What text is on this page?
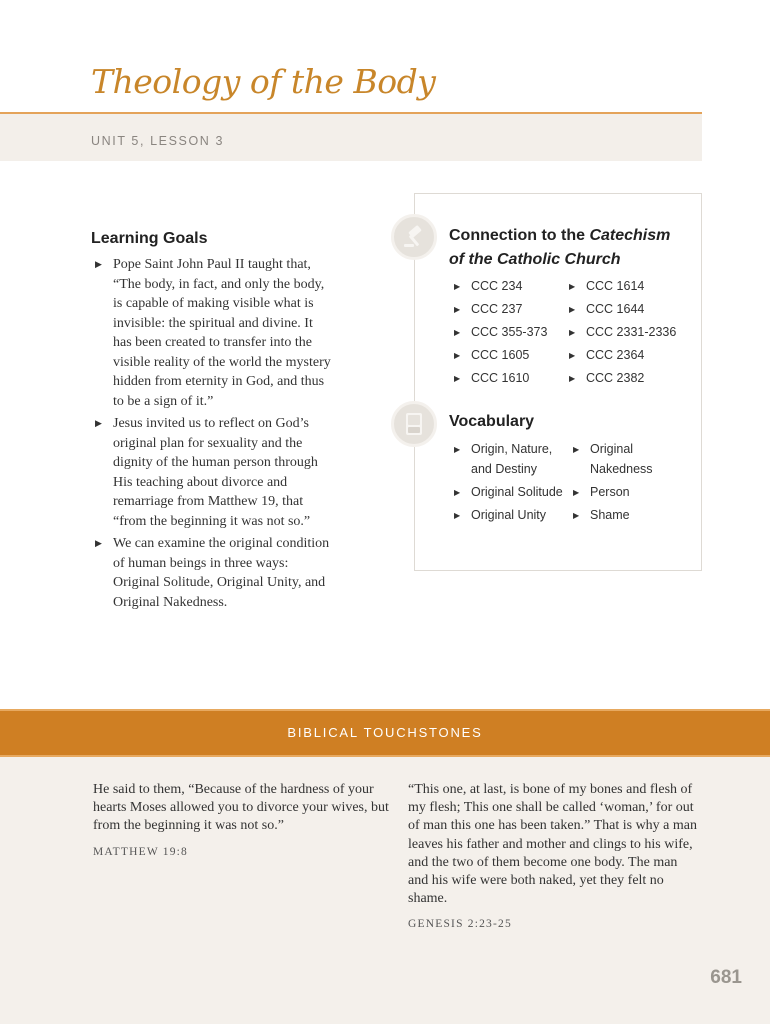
Theology of the Body
UNIT 5, LESSON 3
Learning Goals
▶ Pope Saint John Paul II taught that, “The body, in fact, and only the body, is capable of making visible what is invisible: the spiritual and divine. It has been created to transfer into the visible reality of the world the mystery hidden from eternity in God, and thus to be a sign of it.”
▶ Jesus invited us to reflect on God’s original plan for sexuality and the dignity of the human person through His teaching about divorce and remarriage from Matthew 19, that “from the beginning it was not so.”
▶ We can examine the original condition of human beings in three ways: Original Solitude, Original Unity, and Original Nakedness.
Connection to the Catechism of the Catholic Church
▶ CCC 234
▶ CCC 237
▶ CCC 355-373
▶ CCC 1605
▶ CCC 1610
▶ CCC 1614
▶ CCC 1644
▶ CCC 2331-2336
▶ CCC 2364
▶ CCC 2382
Vocabulary
▶ Origin, Nature, and Destiny
▶ Original Solitude
▶ Original Unity
▶ Original Nakedness
▶ Person
▶ Shame
BIBLICAL TOUCHSTONES

He said to them, “Because of the hardness of your hearts Moses allowed you to divorce your wives, but from the beginning it was not so.”

MATTHEW 19:8

“This one, at last, is bone of my bones and flesh of my flesh; This one shall be called ‘woman,’ for out of man this one has been taken.” That is why a man leaves his father and mother and clings to his wife, and the two of them become one body. The man and his wife were both naked, yet they felt no shame.

GENESIS 2:23-25
681
